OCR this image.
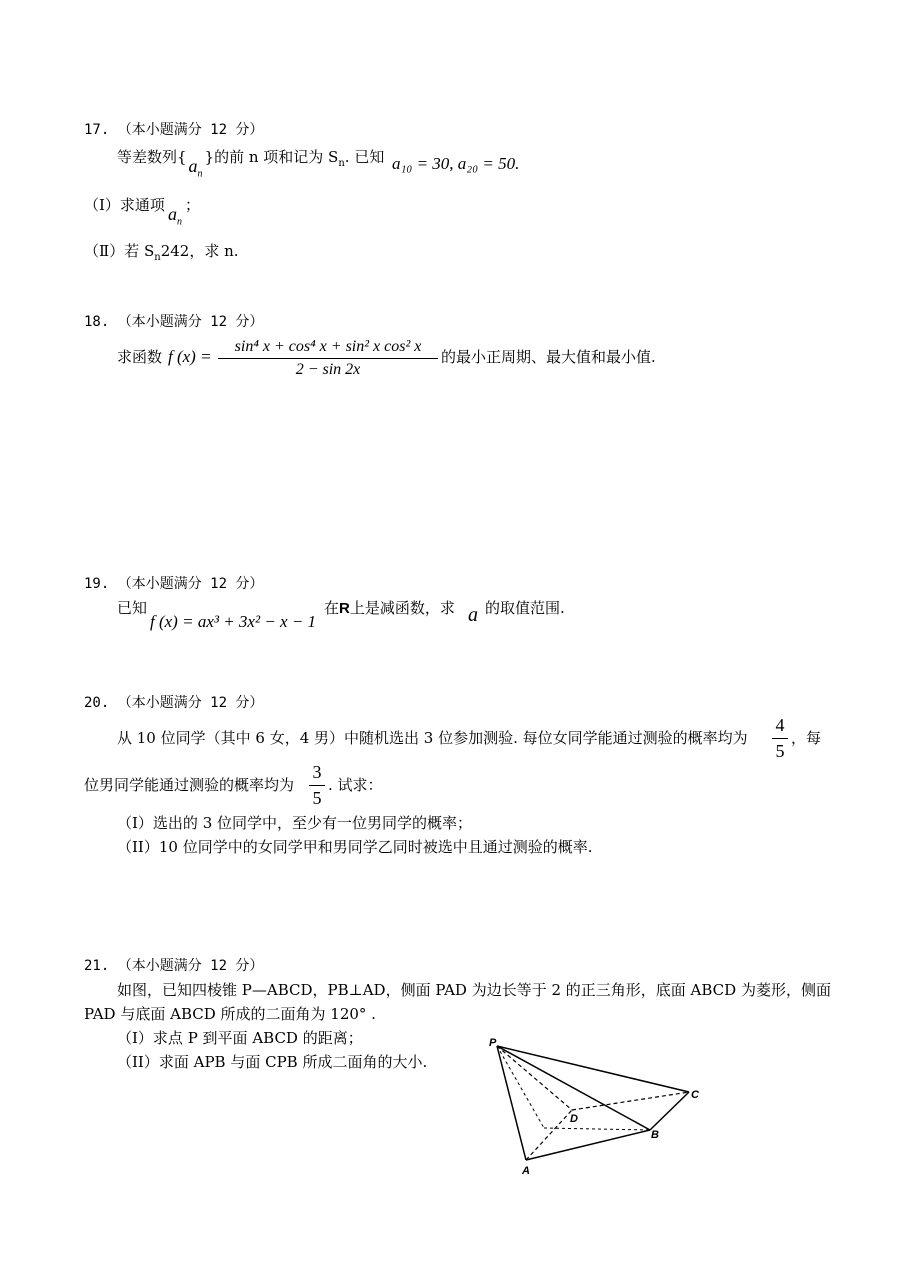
17. （本小题满分 12 分）
等差数列{ $a_n$}的前 n 项和记为 $S_n$. 已知 a₁₀ = 30, a₂₀ = 50.
（Ⅰ）求通项 $a_n$；
（Ⅱ）若 $S_n242$，求 n.
18. （本小题满分 12 分）
求函数 f (x) =
sin⁴ x + cos⁴ x + sin² x cos² x
2 − sin 2x
的最小正周期、最大值和最小值.
19. （本小题满分 12 分）
已知
f (x) = ax³ + 3x² − x − 1
在R上是减函数，求 a 的取值范围.
20. （本小题满分 12 分）
从 10 位同学（其中 6 女，4 男）中随机选出 3 位参加测验. 每位女同学能通过测验的概率均为
4
5
，每
位男同学能通过测验的概率均为
3
5
. 试求：
（I）选出的 3 位同学中，至少有一位男同学的概率；
（II）10 位同学中的女同学甲和男同学乙同时被选中且通过测验的概率.
21. （本小题满分 12 分）
如图，已知四棱锥 P—ABCD，PB⊥AD，侧面 PAD 为边长等于 2 的正三角形，底面 ABCD 为菱形，侧面
PAD 与底面 ABCD 所成的二面角为 120° .
（I）求点 P 到平面 ABCD 的距离；
（II）求面 APB 与面 CPB 所成二面角的大小.
P
A
B
C
D
